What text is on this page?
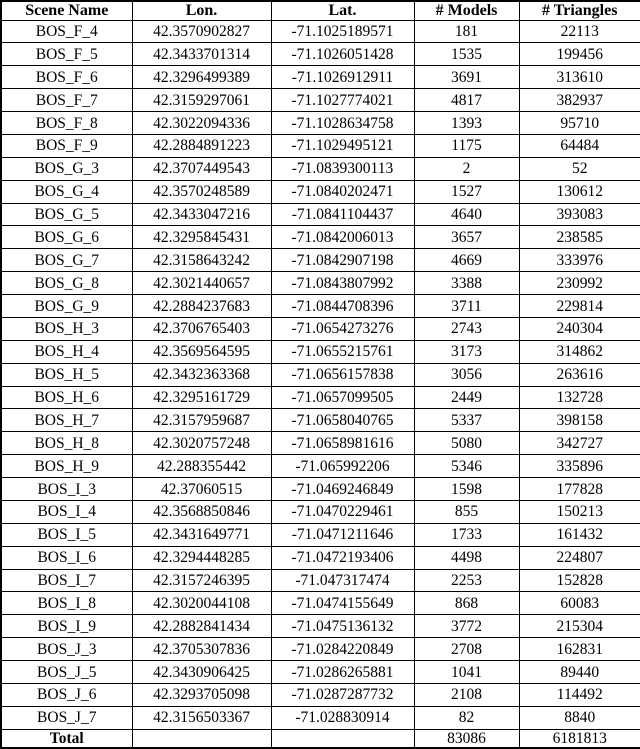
Scene Name	Lon.	Lat.	# Models	# Triangles
BOS_F_4	42.3570902827	-71.1025189571	181	22113
BOS_F_5	42.3433701314	-71.1026051428	1535	199456
BOS_F_6	42.3296499389	-71.1026912911	3691	313610
BOS_F_7	42.3159297061	-71.1027774021	4817	382937
BOS_F_8	42.3022094336	-71.1028634758	1393	95710
BOS_F_9	42.2884891223	-71.1029495121	1175	64484
BOS_G_3	42.3707449543	-71.0839300113	2	52
BOS_G_4	42.3570248589	-71.0840202471	1527	130612
BOS_G_5	42.3433047216	-71.0841104437	4640	393083
BOS_G_6	42.3295845431	-71.0842006013	3657	238585
BOS_G_7	42.3158643242	-71.0842907198	4669	333976
BOS_G_8	42.3021440657	-71.0843807992	3388	230992
BOS_G_9	42.2884237683	-71.0844708396	3711	229814
BOS_H_3	42.3706765403	-71.0654273276	2743	240304
BOS_H_4	42.3569564595	-71.0655215761	3173	314862
BOS_H_5	42.3432363368	-71.0656157838	3056	263616
BOS_H_6	42.3295161729	-71.0657099505	2449	132728
BOS_H_7	42.3157959687	-71.0658040765	5337	398158
BOS_H_8	42.3020757248	-71.0658981616	5080	342727
BOS_H_9	42.288355442	-71.065992206	5346	335896
BOS_I_3	42.37060515	-71.0469246849	1598	177828
BOS_I_4	42.3568850846	-71.0470229461	855	150213
BOS_I_5	42.3431649771	-71.0471211646	1733	161432
BOS_I_6	42.3294448285	-71.0472193406	4498	224807
BOS_I_7	42.3157246395	-71.047317474	2253	152828
BOS_I_8	42.3020044108	-71.0474155649	868	60083
BOS_I_9	42.2882841434	-71.0475136132	3772	215304
BOS_J_3	42.3705307836	-71.0284220849	2708	162831
BOS_J_5	42.3430906425	-71.0286265881	1041	89440
BOS_J_6	42.3293705098	-71.0287287732	2108	114492
BOS_J_7	42.3156503367	-71.028830914	82	8840
Total			83086	6181813
